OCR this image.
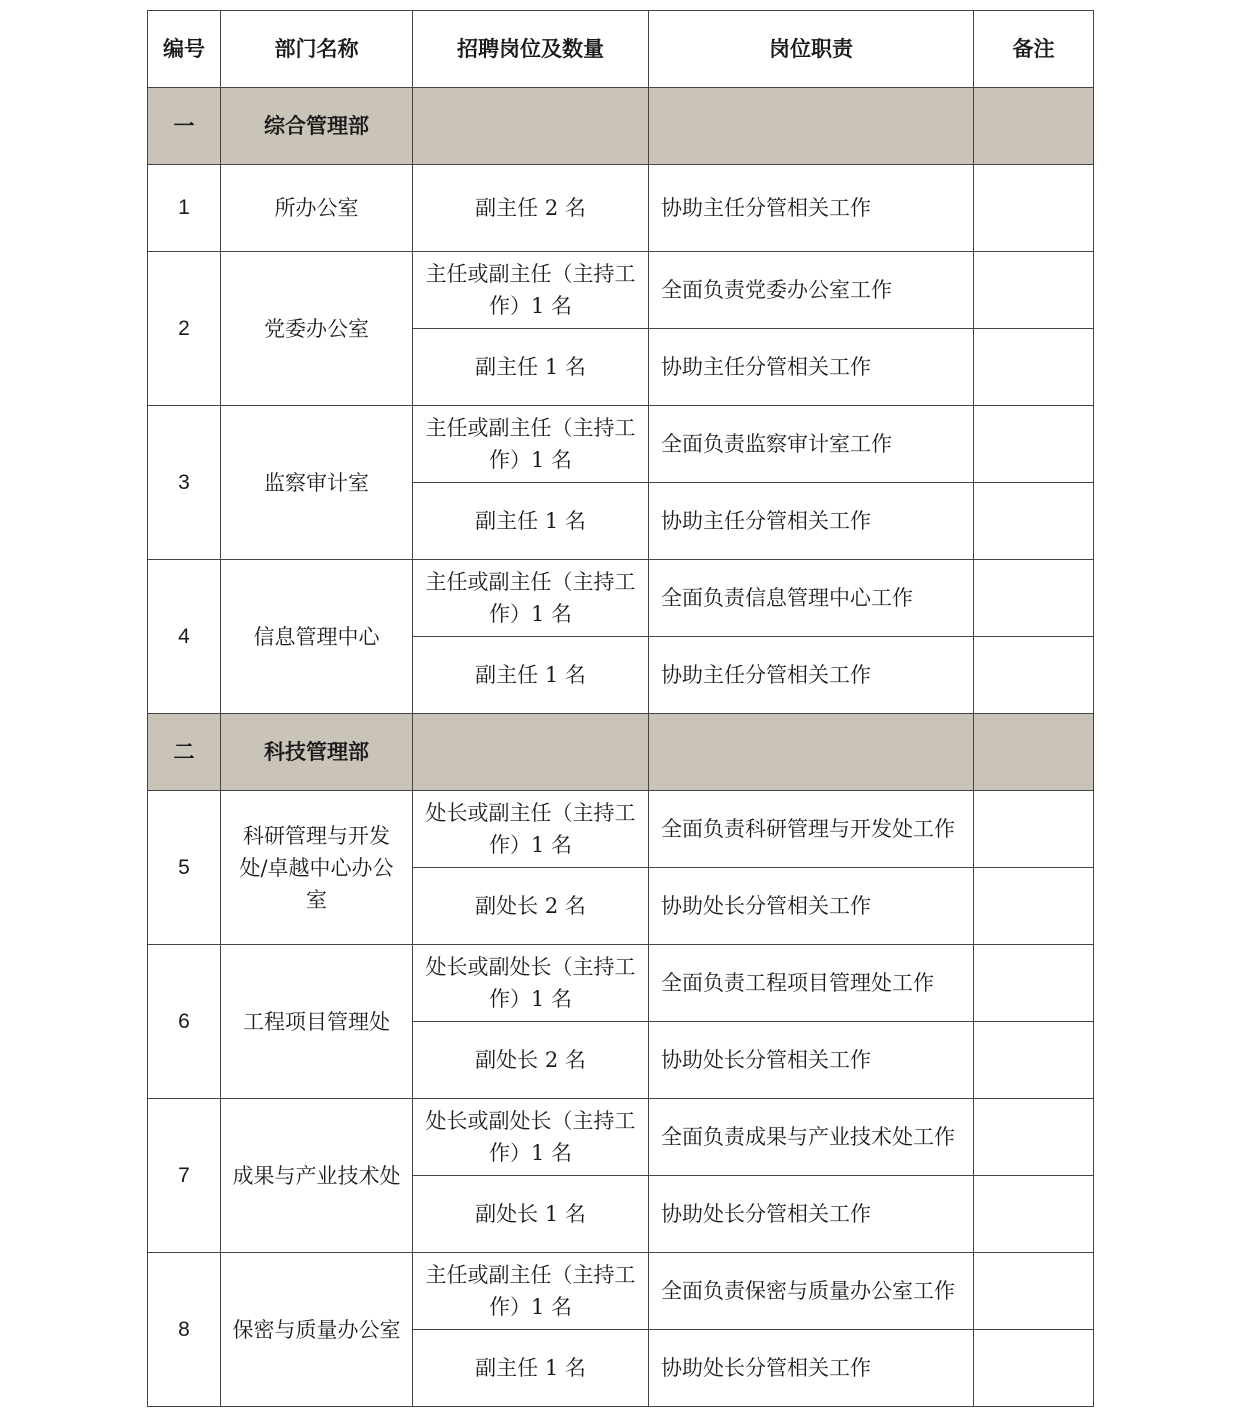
编号	部门名称	招聘岗位及数量	岗位职责	备注
一	综合管理部			
1	所办公室	副主任 2 名	协助主任分管相关工作	
2	党委办公室	主任或副主任（主持工作）1 名	全面负责党委办公室工作	
		副主任 1 名	协助主任分管相关工作	
3	监察审计室	主任或副主任（主持工作）1 名	全面负责监察审计室工作	
		副主任 1 名	协助主任分管相关工作	
4	信息管理中心	主任或副主任（主持工作）1 名	全面负责信息管理中心工作	
		副主任 1 名	协助主任分管相关工作	
二	科技管理部			
5	科研管理与开发处/卓越中心办公室	处长或副主任（主持工作）1 名	全面负责科研管理与开发处工作	
		副处长 2 名	协助处长分管相关工作	
6	工程项目管理处	处长或副处长（主持工作）1 名	全面负责工程项目管理处工作	
		副处长 2 名	协助处长分管相关工作	
7	成果与产业技术处	处长或副处长（主持工作）1 名	全面负责成果与产业技术处工作	
		副处长 1 名	协助处长分管相关工作	
8	保密与质量办公室	主任或副主任（主持工作）1 名	全面负责保密与质量办公室工作	
		副主任 1 名	协助处长分管相关工作	
